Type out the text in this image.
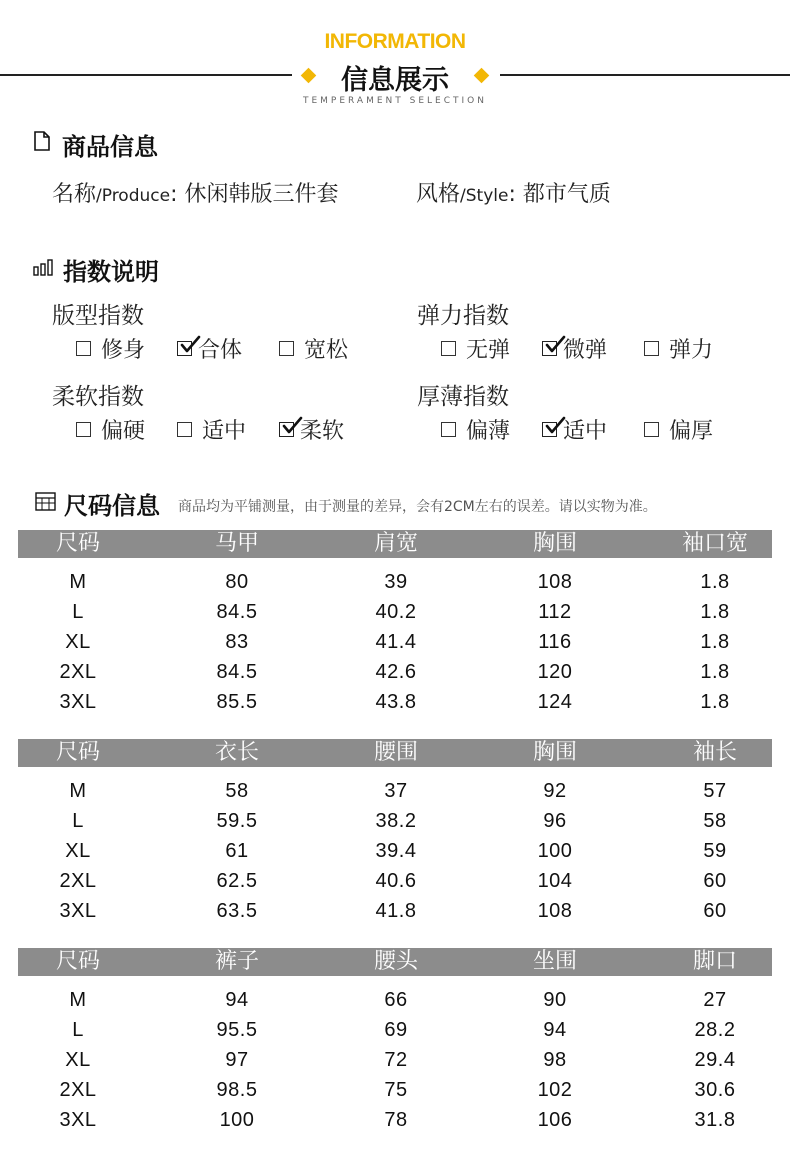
INFORMATION
信息展示
TEMPERAMENT SELECTION
商品信息
名称/Produce: 休闲韩版三件套	风格/Style: 都市气质
指数说明
版型指数
修身 合体	宽松
弹力指数
无弹 微弹	弹力
柔软指数
偏硬	适中 柔软
厚薄指数
偏薄 适中	偏厚
尺码信息 商品均为平铺测量，由于测量的差异，会有2CM左右的误差。请以实物为准。
尺码	马甲	肩宽	胸围	袖口宽
M	80	39	108	1.8
L	84.5	40.2	112	1.8
XL	83	41.4	116	1.8
2XL	84.5	42.6	120	1.8
3XL	85.5	43.8	124	1.8
尺码	衣长	腰围	胸围	袖长
M	58	37	92	57
L	59.5	38.2	96	58
XL	61	39.4	100	59
2XL	62.5	40.6	104	60
3XL	63.5	41.8	108	60
尺码	裤子	腰头	坐围	脚口
M	94	66	90	27
L	95.5	69	94	28.2
XL	97	72	98	29.4
2XL	98.5	75	102	30.6
3XL	100	78	106	31.8
